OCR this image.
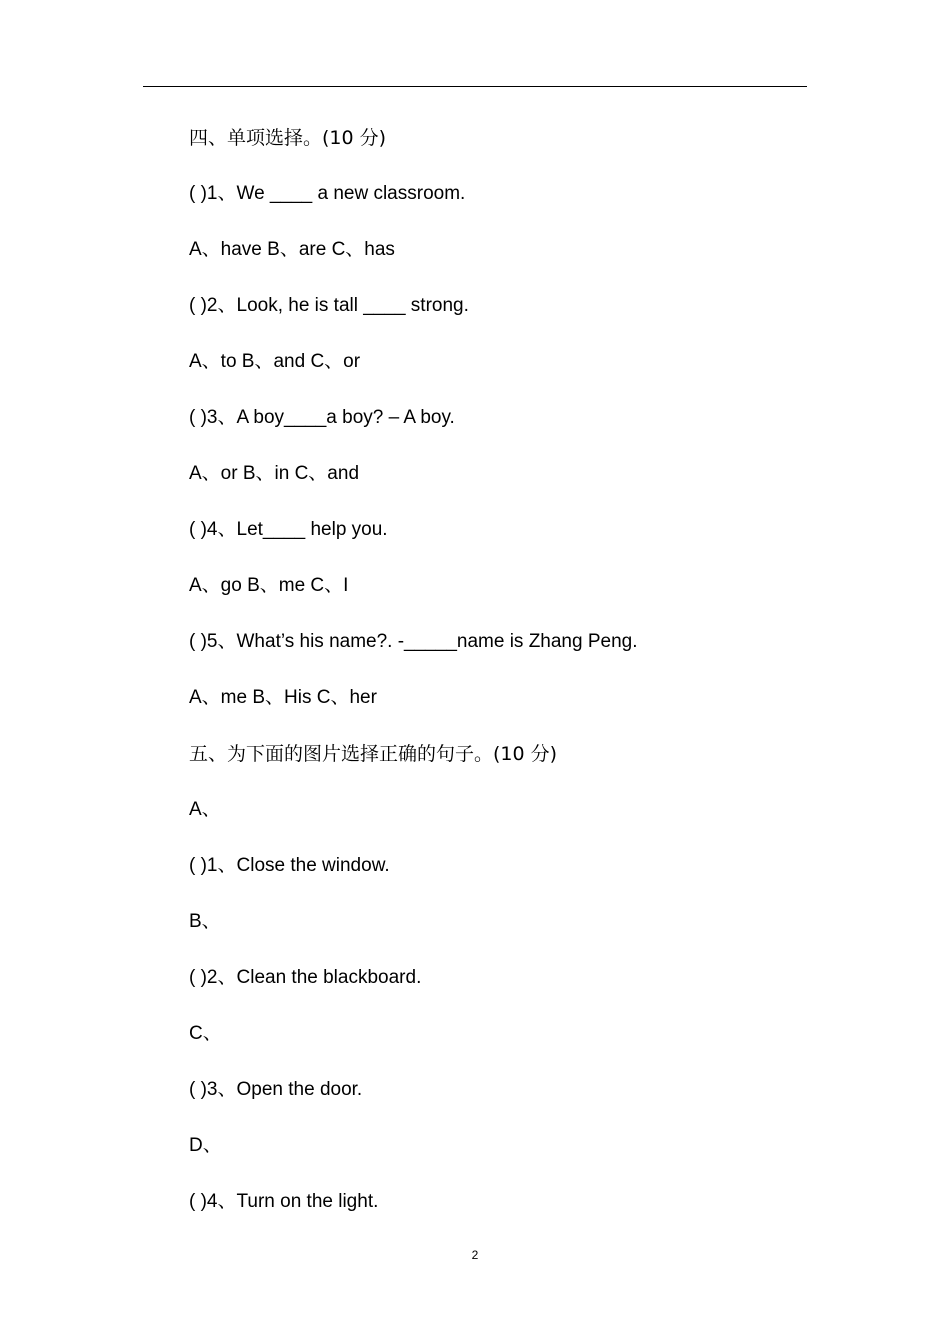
四、单项选择。(10 分)
( )1、We ____ a new classroom.
A、have B、are C、has
( )2、Look, he is tall ____ strong.
A、to B、and C、or
( )3、A boy____a boy? – A boy.
A、or B、in C、and
( )4、Let____ help you.
A、go B、me C、I
( )5、What’s his name?. -_____name is Zhang Peng.
A、me B、His C、her
五、为下面的图片选择正确的句子。(10 分)
A、
( )1、Close the window.
B、
( )2、Clean the blackboard.
C、
( )3、Open the door.
D、
( )4、Turn on the light.
2
